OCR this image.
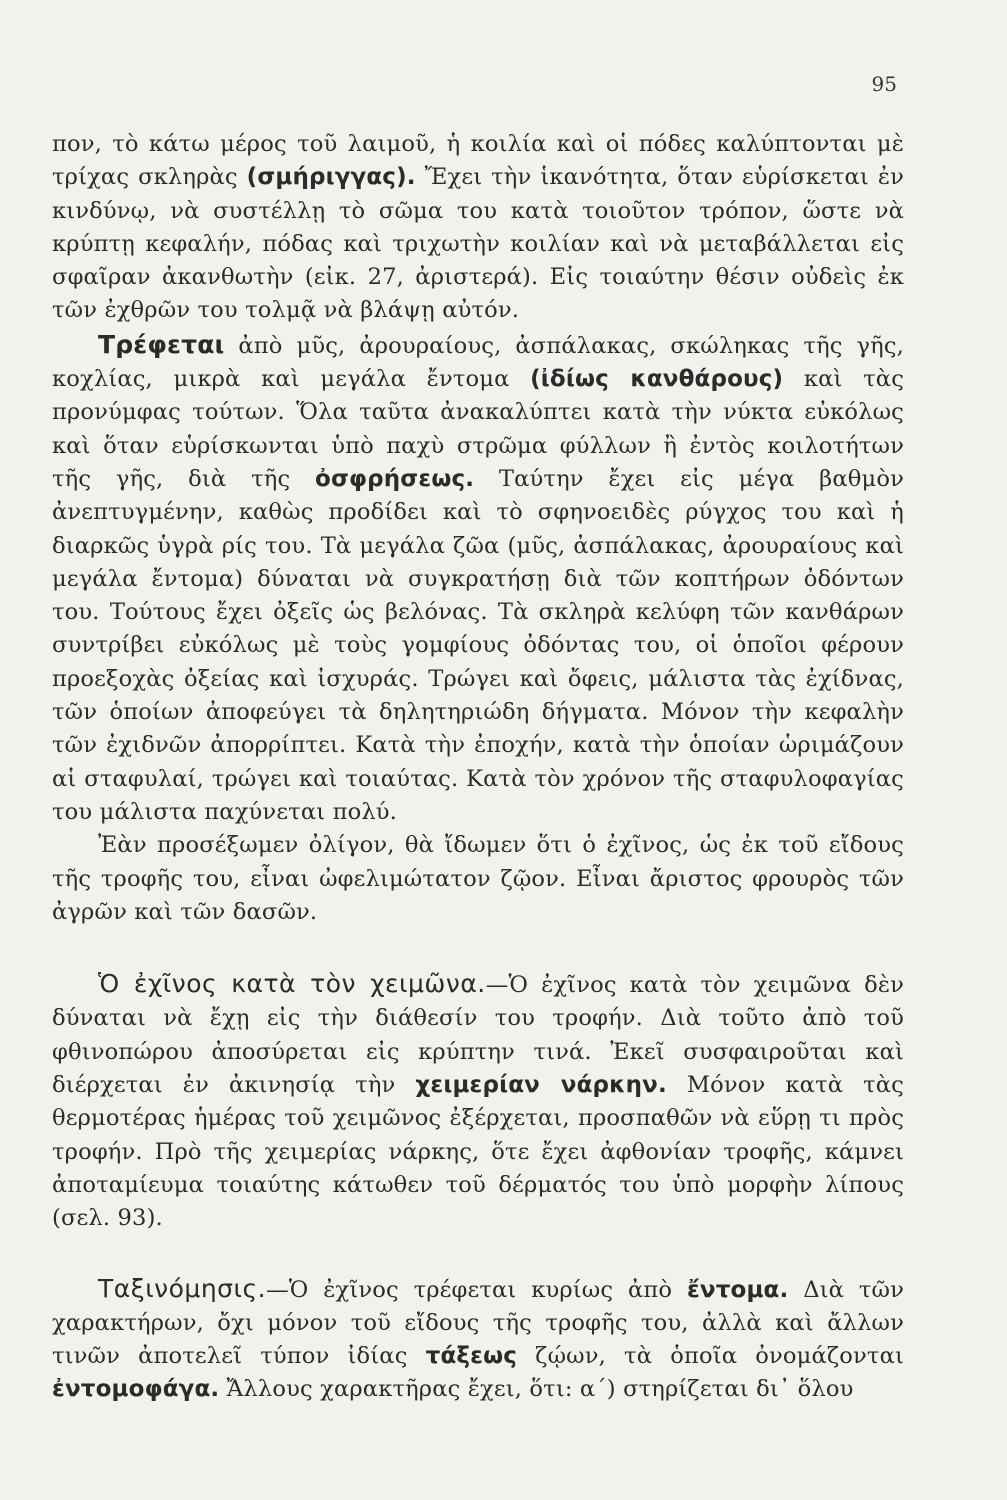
95

πον, τὸ κάτω μέρος τοῦ λαιμοῦ, ἡ κοιλία καὶ οἱ πόδες καλύπτονται μὲ τρίχας σκληρὰς (σμήριγγας). Ἔχει τὴν ἱκανότητα, ὅταν εὑρίσκεται ἐν κινδύνῳ, νὰ συστέλλῃ τὸ σῶμα του κατὰ τοιοῦτον τρόπον, ὥστε νὰ κρύπτῃ κεφαλήν, πόδας καὶ τριχωτὴν κοιλίαν καὶ νὰ μεταβάλλεται εἰς σφαῖραν ἀκανθωτὴν (εἰκ. 27, ἀριστερά). Εἰς τοιαύτην θέσιν οὐδεὶς ἐκ τῶν ἐχθρῶν του τολμᾷ νὰ βλάψῃ αὐτόν.

Τρέφεται ἀπὸ μῦς, ἀρουραίους, ἀσπάλακας, σκώληκας τῆς γῆς, κοχλίας, μικρὰ καὶ μεγάλα ἔντομα (ἰδίως κανθάρους) καὶ τὰς προνύμφας τούτων. Ὅλα ταῦτα ἀνακαλύπτει κατὰ τὴν νύκτα εὐκόλως καὶ ὅταν εὑρίσκωνται ὑπὸ παχὺ στρῶμα φύλλων ἢ ἐντὸς κοιλοτήτων τῆς γῆς, διὰ τῆς ὀσφρήσεως. Ταύτην ἔχει εἰς μέγα βαθμὸν ἀνεπτυγμένην, καθὼς προδίδει καὶ τὸ σφηνοειδὲς ρύγχος του καὶ ἡ διαρκῶς ὑγρὰ ρίς του. Τὰ μεγάλα ζῶα (μῦς, ἀσπάλακας, ἀρουραίους καὶ μεγάλα ἔντομα) δύναται νὰ συγκρατήσῃ διὰ τῶν κοπτήρων ὀδόντων του. Τούτους ἔχει ὀξεῖς ὡς βελόνας. Τὰ σκληρὰ κελύφη τῶν κανθάρων συντρίβει εὐκόλως μὲ τοὺς γομφίους ὀδόντας του, οἱ ὁποῖοι φέρουν προεξοχὰς ὀξείας καὶ ἰσχυράς. Τρώγει καὶ ὄφεις, μάλιστα τὰς ἐχίδνας, τῶν ὁποίων ἀποφεύγει τὰ δηλητηριώδη δήγματα. Μόνον τὴν κεφαλὴν τῶν ἐχιδνῶν ἀπορρίπτει. Κατὰ τὴν ἐποχήν, κατὰ τὴν ὁποίαν ὡριμάζουν αἱ σταφυλαί, τρώγει καὶ τοιαύτας. Κατὰ τὸν χρόνον τῆς σταφυλοφαγίας του μάλιστα παχύνεται πολύ.

Ἐὰν προσέξωμεν ὀλίγον, θὰ ἴδωμεν ὅτι ὁ ἐχῖνος, ὡς ἐκ τοῦ εἴδους τῆς τροφῆς του, εἶναι ὠφελιμώτατον ζῷον. Εἶναι ἄριστος φρουρὸς τῶν ἀγρῶν καὶ τῶν δασῶν.

Ὁ ἐχῖνος κατὰ τὸν χειμῶνα.—Ὁ ἐχῖνος κατὰ τὸν χειμῶνα δὲν δύναται νὰ ἔχῃ εἰς τὴν διάθεσίν του τροφήν. Διὰ τοῦτο ἀπὸ τοῦ φθινοπώρου ἀποσύρεται εἰς κρύπτην τινά. Ἐκεῖ συσφαιροῦται καὶ διέρχεται ἐν ἀκινησίᾳ τὴν χειμερίαν νάρκην. Μόνον κατὰ τὰς θερμοτέρας ἡμέρας τοῦ χειμῶνος ἐξέρχεται, προσπαθῶν νὰ εὕρῃ τι πρὸς τροφήν. Πρὸ τῆς χειμερίας νάρκης, ὅτε ἔχει ἀφθονίαν τροφῆς, κάμνει ἀποταμίευμα τοιαύτης κάτωθεν τοῦ δέρματός του ὑπὸ μορφὴν λίπους (σελ. 93).

Ταξινόμησις.—Ὁ ἐχῖνος τρέφεται κυρίως ἀπὸ ἔντομα. Διὰ τῶν χαρακτήρων, ὄχι μόνον τοῦ εἴδους τῆς τροφῆς του, ἀλλὰ καὶ ἄλλων τινῶν ἀποτελεῖ τύπον ἰδίας τάξεως ζῴων, τὰ ὁποῖα ὀνομάζονται ἐντομοφάγα. Ἄλλους χαρακτῆρας ἔχει, ὅτι: α΄) στηρίζεται δι᾽ ὅλου
